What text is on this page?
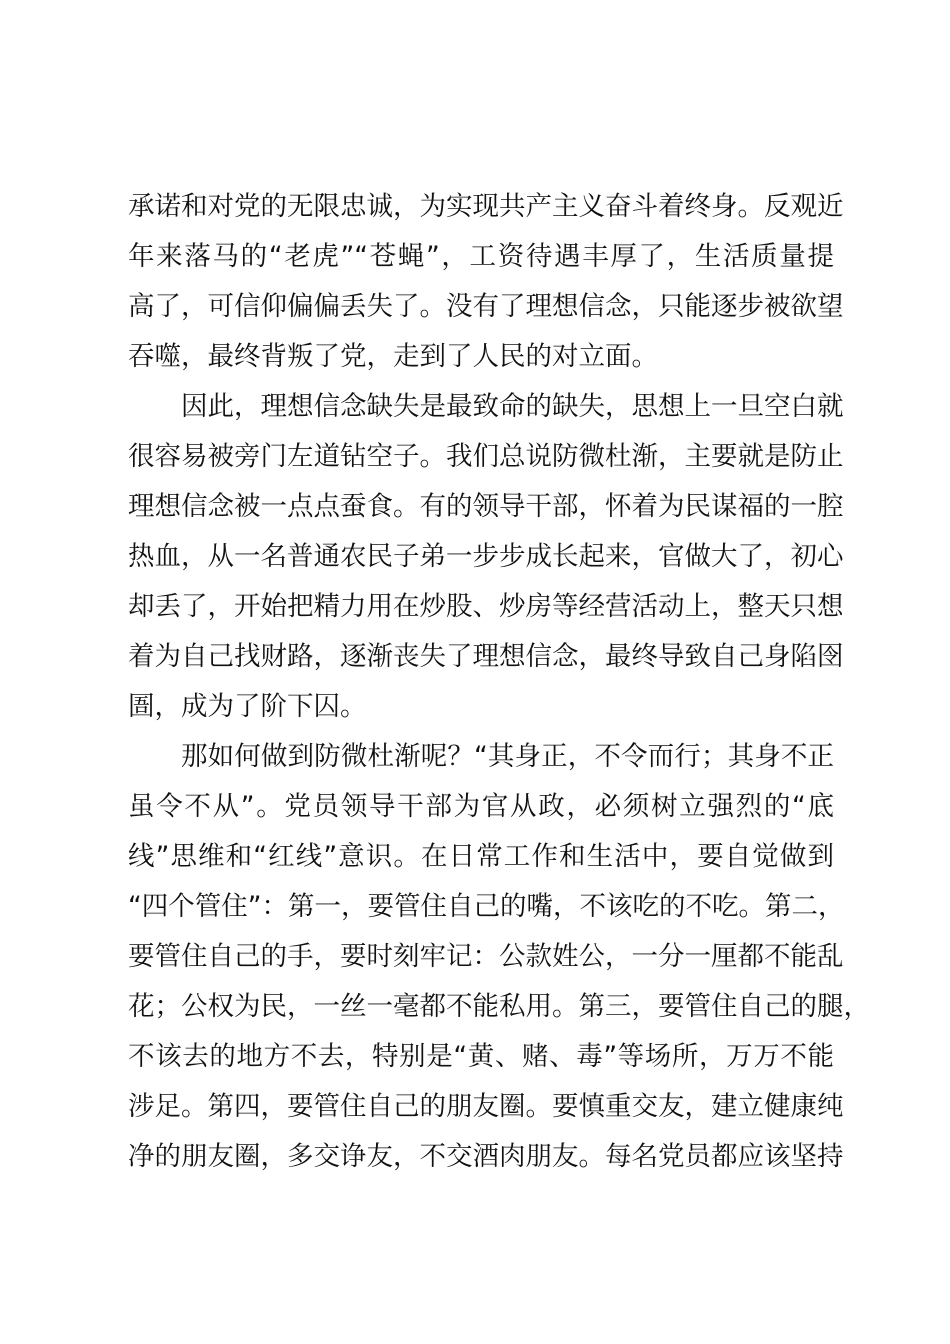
承诺和对党的无限忠诚，为实现共产主义奋斗着终身。反观近
年来落马的“老虎”“苍蝇”，工资待遇丰厚了，生活质量提
高了，可信仰偏偏丢失了。没有了理想信念，只能逐步被欲望
吞噬，最终背叛了党，走到了人民的对立面。
因此，理想信念缺失是最致命的缺失，思想上一旦空白就
很容易被旁门左道钻空子。我们总说防微杜渐，主要就是防止
理想信念被一点点蚕食。有的领导干部，怀着为民谋福的一腔
热血，从一名普通农民子弟一步步成长起来，官做大了，初心
却丢了，开始把精力用在炒股、炒房等经营活动上，整天只想
着为自己找财路，逐渐丧失了理想信念，最终导致自己身陷囹
圄，成为了阶下囚。
那如何做到防微杜渐呢？“其身正，不令而行；其身不正
虽令不从”。党员领导干部为官从政，必须树立强烈的“底
线”思维和“红线”意识。在日常工作和生活中，要自觉做到
“四个管住”：第一，要管住自己的嘴，不该吃的不吃。第二，
要管住自己的手，要时刻牢记：公款姓公，一分一厘都不能乱
花；公权为民，一丝一毫都不能私用。第三，要管住自己的腿，
不该去的地方不去，特别是“黄、赌、毒”等场所，万万不能
涉足。第四，要管住自己的朋友圈。要慎重交友，建立健康纯
净的朋友圈，多交诤友，不交酒肉朋友。每名党员都应该坚持
